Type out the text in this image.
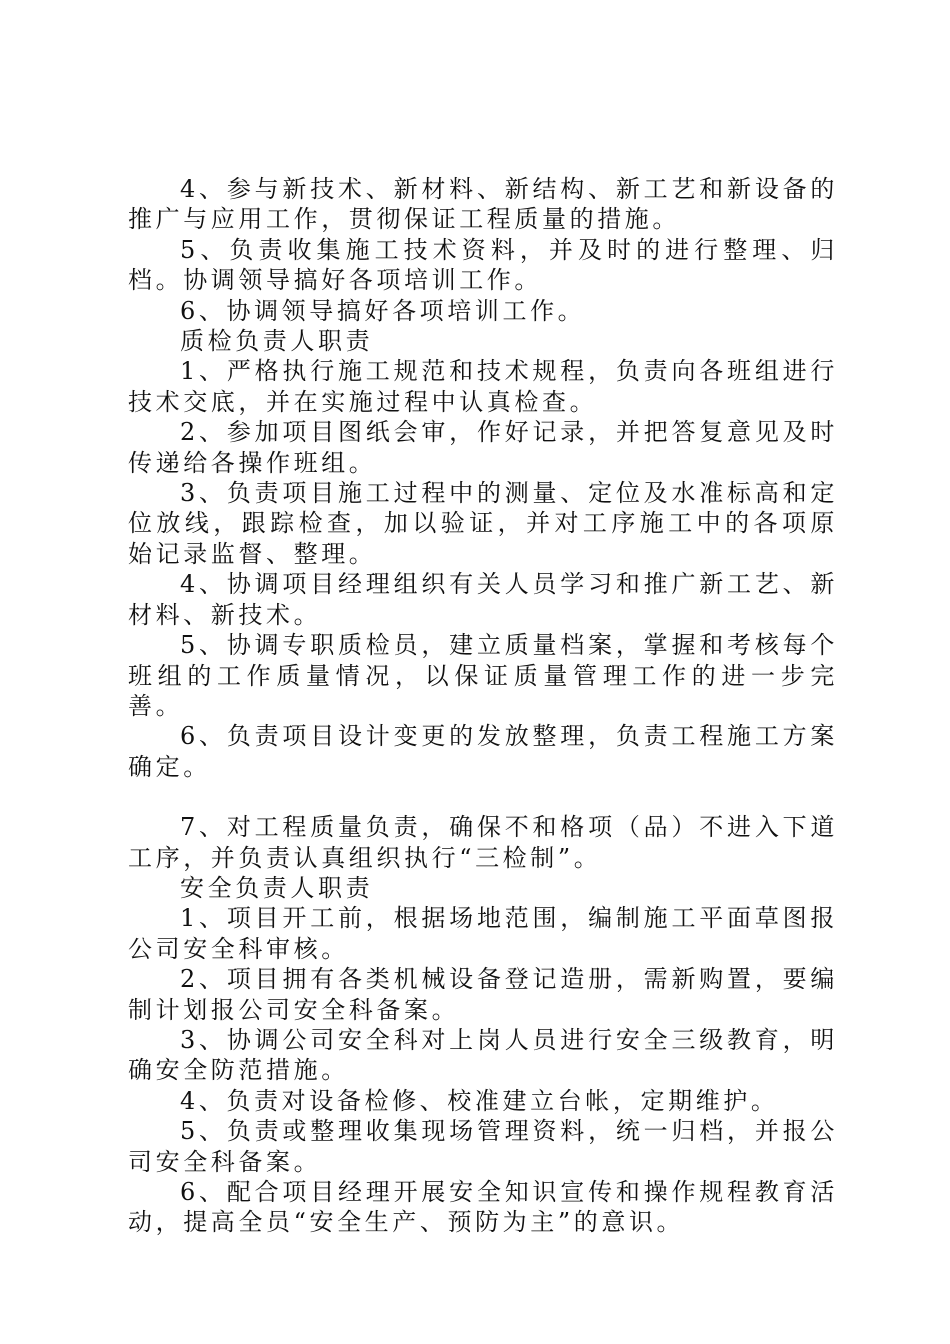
4、参与新技术、新材料、新结构、新工艺和新设备的推广与应用工作，贯彻保证工程质量的措施。

5、负责收集施工技术资料，并及时的进行整理、归档。协调领导搞好各项培训工作。

6、协调领导搞好各项培训工作。

质检负责人职责

1、严格执行施工规范和技术规程，负责向各班组进行技术交底，并在实施过程中认真检查。

2、参加项目图纸会审，作好记录，并把答复意见及时传递给各操作班组。

3、负责项目施工过程中的测量、定位及水准标高和定位放线，跟踪检查，加以验证，并对工序施工中的各项原始记录监督、整理。

4、协调项目经理组织有关人员学习和推广新工艺、新材料、新技术。

5、协调专职质检员，建立质量档案，掌握和考核每个班组的工作质量情况，以保证质量管理工作的进一步完善。

6、负责项目设计变更的发放整理，负责工程施工方案确定。

7、对工程质量负责，确保不和格项（品）不进入下道工序，并负责认真组织执行“三检制”。

安全负责人职责

1、项目开工前，根据场地范围，编制施工平面草图报公司安全科审核。

2、项目拥有各类机械设备登记造册，需新购置，要编制计划报公司安全科备案。

3、协调公司安全科对上岗人员进行安全三级教育，明确安全防范措施。

4、负责对设备检修、校准建立台帐，定期维护。

5、负责或整理收集现场管理资料，统一归档，并报公司安全科备案。

6、配合项目经理开展安全知识宣传和操作规程教育活动，提高全员“安全生产、预防为主”的意识。
